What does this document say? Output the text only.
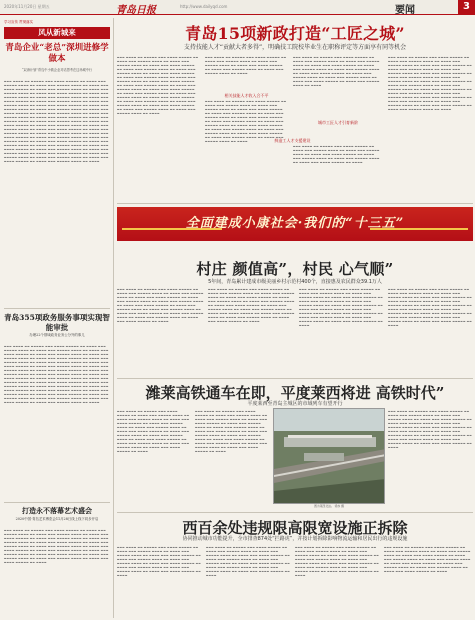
2020年11月20日 星期五	青岛日报	http://www.dailyqd.com	要闻	3
学习宣传 贯彻落实
风从新城来
青岛企业“老总”深圳进修学做本
“双涛计划”青岛中小微企业对话思考在这场城中行
▬▬▬ ▬▬▬▬ ▬▬ ▬▬▬▬▬ ▬▬▬ ▬▬▬▬ ▬▬▬▬▬ ▬▬ ▬▬▬▬ ▬▬▬ ▬▬▬▬▬ ▬▬▬▬ ▬▬ ▬▬▬▬ ▬▬▬ ▬▬▬▬▬ ▬▬▬▬ ▬▬ ▬▬▬▬ ▬▬▬ ▬▬▬▬ ▬▬▬▬▬ ▬▬ ▬▬▬▬ ▬▬▬ ▬▬▬▬▬ ▬▬▬▬ ▬▬ ▬▬▬▬ ▬▬▬ ▬▬▬▬▬ ▬▬▬▬ ▬▬ ▬▬▬▬ ▬▬▬ ▬▬▬▬ ▬▬▬▬▬ ▬▬ ▬▬▬▬ ▬▬▬ ▬▬▬▬▬ ▬▬▬▬ ▬▬ ▬▬▬▬ ▬▬▬ ▬▬▬▬▬ ▬▬▬▬ ▬▬ ▬▬▬▬ ▬▬▬ ▬▬▬▬ ▬▬▬▬▬ ▬▬ ▬▬▬▬ ▬▬▬ ▬▬▬▬▬ ▬▬▬▬ ▬▬ ▬▬▬▬ ▬▬▬ ▬▬▬▬▬ ▬▬▬▬ ▬▬ ▬▬▬▬ ▬▬▬ ▬▬▬▬ ▬▬▬▬▬ ▬▬ ▬▬▬▬ ▬▬▬ ▬▬▬▬▬ ▬▬▬▬ ▬▬ ▬▬▬▬ ▬▬▬ ▬▬▬▬▬ ▬▬▬▬ ▬▬ ▬▬▬▬ ▬▬▬ ▬▬▬▬ ▬▬▬▬▬ ▬▬ ▬▬▬▬ ▬▬▬ ▬▬▬▬▬ ▬▬▬▬ ▬▬ ▬▬▬▬ ▬▬▬ ▬▬▬▬▬ ▬▬▬▬ ▬▬ ▬▬▬▬ ▬▬▬ ▬▬▬▬ ▬▬▬▬▬ ▬▬ ▬▬▬▬ ▬▬▬ ▬▬▬▬▬ ▬▬▬▬ ▬▬ ▬▬▬▬ ▬▬▬ ▬▬▬▬▬ ▬▬▬▬ ▬▬ ▬▬▬▬ ▬▬▬ ▬▬▬▬ ▬▬▬▬▬ ▬▬ ▬▬▬▬ ▬▬▬ ▬▬▬▬▬ ▬▬▬▬ ▬▬ ▬▬▬▬ ▬▬▬ ▬▬▬▬▬ ▬▬▬▬ ▬▬ ▬▬▬▬ ▬▬▬ ▬▬▬▬ ▬▬▬▬▬ ▬▬ ▬▬▬▬ ▬▬▬ ▬▬▬▬▬ ▬▬▬▬ ▬▬ ▬▬▬▬ ▬▬▬ ▬▬▬▬▬ ▬▬▬▬ ▬▬ ▬▬▬▬ ▬▬▬ ▬▬▬▬ ▬▬▬▬▬ ▬▬ ▬▬▬▬ ▬▬▬ ▬▬▬▬▬ ▬▬▬▬ ▬▬ ▬▬▬▬ ▬▬▬ ▬▬▬▬▬ ▬▬▬▬ ▬▬ ▬▬▬▬ ▬▬▬ ▬▬▬▬ ▬▬▬▬▬ ▬▬ ▬▬▬▬ ▬▬▬ ▬▬▬▬▬ ▬▬▬▬ ▬▬ ▬▬▬▬ ▬▬▬ ▬▬▬▬▬ ▬▬▬▬ ▬▬ ▬▬▬▬ ▬▬▬ ▬▬▬▬ ▬▬▬▬▬ ▬▬ ▬▬▬▬ ▬▬▬ ▬▬▬▬▬ ▬▬▬▬ ▬▬ ▬▬▬▬ ▬▬▬ ▬▬▬▬▬ ▬▬▬▬ ▬▬ ▬▬▬▬ ▬▬▬ ▬▬▬▬ ▬▬▬▬▬ ▬▬ ▬▬▬▬ ▬▬▬ ▬▬▬▬▬ ▬▬▬▬ ▬▬ ▬▬▬▬ ▬▬▬ ▬▬▬▬▬ ▬▬▬▬ ▬▬ ▬▬▬▬ ▬▬▬ ▬▬▬▬ ▬▬▬▬▬ ▬▬ ▬▬▬▬ ▬▬▬ ▬▬▬▬▬ ▬▬▬▬ ▬▬ ▬▬▬▬
青岛355项政务服务事项实现智能审批
办理22个领域政务业务公分外的事儿
▬▬▬ ▬▬▬▬ ▬▬ ▬▬▬▬▬ ▬▬▬ ▬▬▬▬ ▬▬▬▬▬ ▬▬ ▬▬▬▬ ▬▬▬ ▬▬▬▬▬ ▬▬▬▬ ▬▬ ▬▬▬▬ ▬▬▬ ▬▬▬▬▬ ▬▬▬▬ ▬▬ ▬▬▬▬ ▬▬▬ ▬▬▬▬ ▬▬▬▬▬ ▬▬ ▬▬▬▬ ▬▬▬ ▬▬▬▬▬ ▬▬▬▬ ▬▬ ▬▬▬▬ ▬▬▬ ▬▬▬▬▬ ▬▬▬▬ ▬▬ ▬▬▬▬ ▬▬▬ ▬▬▬▬ ▬▬▬▬▬ ▬▬ ▬▬▬▬ ▬▬▬ ▬▬▬▬▬ ▬▬▬▬ ▬▬ ▬▬▬▬ ▬▬▬ ▬▬▬▬▬ ▬▬▬▬ ▬▬ ▬▬▬▬ ▬▬▬ ▬▬▬▬ ▬▬▬▬▬ ▬▬ ▬▬▬▬ ▬▬▬ ▬▬▬▬▬ ▬▬▬▬ ▬▬ ▬▬▬▬ ▬▬▬ ▬▬▬▬▬ ▬▬▬▬ ▬▬ ▬▬▬▬ ▬▬▬ ▬▬▬▬ ▬▬▬▬▬ ▬▬ ▬▬▬▬ ▬▬▬ ▬▬▬▬▬ ▬▬▬▬ ▬▬ ▬▬▬▬ ▬▬▬ ▬▬▬▬▬ ▬▬▬▬ ▬▬ ▬▬▬▬ ▬▬▬ ▬▬▬▬ ▬▬▬▬▬ ▬▬ ▬▬▬▬ ▬▬▬ ▬▬▬▬▬ ▬▬▬▬ ▬▬ ▬▬▬▬ ▬▬▬ ▬▬▬▬▬ ▬▬▬▬ ▬▬ ▬▬▬▬ ▬▬▬ ▬▬▬▬ ▬▬▬▬▬ ▬▬ ▬▬▬▬ ▬▬▬ ▬▬▬▬▬ ▬▬▬▬ ▬▬ ▬▬▬▬ ▬▬▬ ▬▬▬▬▬ ▬▬▬▬ ▬▬ ▬▬▬▬ ▬▬▬ ▬▬▬▬ ▬▬▬▬▬ ▬▬ ▬▬▬▬ ▬▬▬ ▬▬▬▬▬ ▬▬▬▬ ▬▬ ▬▬▬▬ ▬▬▬ ▬▬▬▬▬ ▬▬▬▬ ▬▬ ▬▬▬▬ ▬▬▬ ▬▬▬▬ ▬▬▬▬▬ ▬▬ ▬▬▬▬ ▬▬▬ ▬▬▬▬▬ ▬▬▬▬ ▬▬ ▬▬▬▬ ▬▬▬ ▬▬▬▬▬ ▬▬▬▬ ▬▬ ▬▬▬▬ ▬▬▬ ▬▬▬▬ ▬▬▬▬▬ ▬▬ ▬▬▬▬ ▬▬▬ ▬▬▬▬▬ ▬▬▬▬ ▬▬ ▬▬▬▬
打造永不落幕艺术盛会
2020中国·青岛艺术博览会11月28日线上线下同步开启
▬▬▬ ▬▬▬▬ ▬▬ ▬▬▬▬▬ ▬▬▬ ▬▬▬▬ ▬▬▬▬▬ ▬▬ ▬▬▬▬ ▬▬▬ ▬▬▬▬▬ ▬▬▬▬ ▬▬ ▬▬▬▬ ▬▬▬ ▬▬▬▬▬ ▬▬▬▬ ▬▬ ▬▬▬▬ ▬▬▬ ▬▬▬▬ ▬▬▬▬▬ ▬▬ ▬▬▬▬ ▬▬▬ ▬▬▬▬▬ ▬▬▬▬ ▬▬ ▬▬▬▬ ▬▬▬ ▬▬▬▬▬ ▬▬▬▬ ▬▬ ▬▬▬▬ ▬▬▬ ▬▬▬▬ ▬▬▬▬▬ ▬▬ ▬▬▬▬ ▬▬▬ ▬▬▬▬▬ ▬▬▬▬ ▬▬ ▬▬▬▬ ▬▬▬ ▬▬▬▬▬ ▬▬▬▬ ▬▬ ▬▬▬▬ ▬▬▬ ▬▬▬▬ ▬▬▬▬▬ ▬▬ ▬▬▬▬ ▬▬▬ ▬▬▬▬▬ ▬▬▬▬ ▬▬ ▬▬▬▬ ▬▬▬ ▬▬▬▬▬ ▬▬▬▬ ▬▬ ▬▬▬▬ ▬▬▬ ▬▬▬▬ ▬▬▬▬▬ ▬▬ ▬▬▬▬ ▬▬▬ ▬▬▬▬▬ ▬▬▬▬ ▬▬ ▬▬▬▬ ▬▬▬ ▬▬▬▬▬ ▬▬▬▬ ▬▬ ▬▬▬▬ ▬▬▬ ▬▬▬▬ ▬▬▬▬▬ ▬▬ ▬▬▬▬
青岛15项新政打造“工匠之城”
支持技能人才“贡献大者多得”，明确技工院校毕业生在职称评定等方面享有同等机会
▬▬▬ ▬▬▬▬ ▬▬ ▬▬▬▬▬ ▬▬▬ ▬▬▬▬ ▬▬▬▬▬ ▬▬ ▬▬▬▬ ▬▬▬ ▬▬▬▬▬ ▬▬▬▬ ▬▬ ▬▬▬▬ ▬▬▬ ▬▬▬▬▬ ▬▬▬▬ ▬▬ ▬▬▬▬ ▬▬▬ ▬▬▬▬ ▬▬▬▬▬ ▬▬ ▬▬▬▬ ▬▬▬ ▬▬▬▬▬ ▬▬▬▬ ▬▬ ▬▬▬▬ ▬▬▬ ▬▬▬▬▬ ▬▬▬▬ ▬▬ ▬▬▬▬ ▬▬▬ ▬▬▬▬ ▬▬▬▬▬ ▬▬ ▬▬▬▬ ▬▬▬ ▬▬▬▬▬ ▬▬▬▬ ▬▬ ▬▬▬▬ ▬▬▬ ▬▬▬▬▬ ▬▬▬▬ ▬▬ ▬▬▬▬ ▬▬▬ ▬▬▬▬ ▬▬▬▬▬ ▬▬ ▬▬▬▬ ▬▬▬ ▬▬▬▬▬ ▬▬▬▬ ▬▬ ▬▬▬▬ ▬▬▬ ▬▬▬▬▬ ▬▬▬▬ ▬▬ ▬▬▬▬ ▬▬▬ ▬▬▬▬ ▬▬▬▬▬ ▬▬ ▬▬▬▬ ▬▬▬ ▬▬▬▬▬ ▬▬▬▬ ▬▬ ▬▬▬▬ ▬▬▬ ▬▬▬▬▬ ▬▬▬▬ ▬▬ ▬▬▬▬ ▬▬▬ ▬▬▬▬ ▬▬▬▬▬ ▬▬ ▬▬▬▬ ▬▬▬ ▬▬▬▬▬ ▬▬▬▬ ▬▬ ▬▬▬▬ ▬▬▬ ▬▬▬▬▬ ▬▬▬▬ ▬▬ ▬▬▬▬ ▬▬▬ ▬▬▬▬ ▬▬▬▬▬ ▬▬ ▬▬▬▬ ▬▬▬ ▬▬▬▬▬ ▬▬▬▬ ▬▬ ▬▬▬▬ ▬▬▬ ▬▬▬▬▬ ▬▬▬▬ ▬▬ ▬▬▬▬
相关技能人才收入合不平
▬▬▬ ▬▬▬▬ ▬▬ ▬▬▬▬▬ ▬▬▬ ▬▬▬▬ ▬▬▬▬▬ ▬▬ ▬▬▬▬ ▬▬▬ ▬▬▬▬▬ ▬▬▬▬ ▬▬ ▬▬▬▬ ▬▬▬ ▬▬▬▬▬ ▬▬▬▬ ▬▬ ▬▬▬▬ ▬▬▬ ▬▬▬▬ ▬▬▬▬▬ ▬▬ ▬▬▬▬ ▬▬▬ ▬▬▬▬▬ ▬▬▬▬ ▬▬ ▬▬▬▬ ▬▬▬ ▬▬▬▬▬ ▬▬▬▬ ▬▬ ▬▬▬▬
▬▬▬ ▬▬▬▬ ▬▬ ▬▬▬▬▬ ▬▬▬ ▬▬▬▬ ▬▬▬▬▬ ▬▬ ▬▬▬▬ ▬▬▬ ▬▬▬▬▬ ▬▬▬▬ ▬▬ ▬▬▬▬ ▬▬▬ ▬▬▬▬▬ ▬▬▬▬ ▬▬ ▬▬▬▬ ▬▬▬ ▬▬▬▬ ▬▬▬▬▬ ▬▬ ▬▬▬▬ ▬▬▬ ▬▬▬▬▬ ▬▬▬▬ ▬▬ ▬▬▬▬ ▬▬▬ ▬▬▬▬▬ ▬▬▬▬ ▬▬ ▬▬▬▬ ▬▬▬ ▬▬▬▬ ▬▬▬▬▬ ▬▬ ▬▬▬▬ ▬▬▬ ▬▬▬▬▬ ▬▬▬▬ ▬▬ ▬▬▬▬ ▬▬▬ ▬▬▬▬▬ ▬▬▬▬ ▬▬ ▬▬▬▬ ▬▬▬ ▬▬▬▬ ▬▬▬▬▬ ▬▬ ▬▬▬▬ ▬▬▬ ▬▬▬▬▬ ▬▬▬▬ ▬▬ ▬▬▬▬ ▬▬▬ ▬▬▬▬▬ ▬▬▬▬ ▬▬ ▬▬▬▬ ▬▬▬ ▬▬▬▬ ▬▬▬▬▬ ▬▬ ▬▬▬▬ ▬▬▬ ▬▬▬▬▬ ▬▬▬▬ ▬▬ ▬▬▬▬ ▬▬▬ ▬▬▬▬▬ ▬▬▬▬ ▬▬ ▬▬▬▬
▬▬▬ ▬▬▬▬ ▬▬ ▬▬▬▬▬ ▬▬▬ ▬▬▬▬ ▬▬▬▬▬ ▬▬ ▬▬▬▬ ▬▬▬ ▬▬▬▬▬ ▬▬▬▬ ▬▬ ▬▬▬▬ ▬▬▬ ▬▬▬▬▬ ▬▬▬▬ ▬▬ ▬▬▬▬ ▬▬▬ ▬▬▬▬ ▬▬▬▬▬ ▬▬ ▬▬▬▬ ▬▬▬ ▬▬▬▬▬ ▬▬▬▬ ▬▬ ▬▬▬▬ ▬▬▬ ▬▬▬▬▬ ▬▬▬▬ ▬▬ ▬▬▬▬ ▬▬▬ ▬▬▬▬ ▬▬▬▬▬ ▬▬ ▬▬▬▬ ▬▬▬ ▬▬▬▬▬ ▬▬▬▬ ▬▬ ▬▬▬▬ ▬▬▬ ▬▬▬▬▬ ▬▬▬▬ ▬▬ ▬▬▬▬ ▬▬▬ ▬▬▬▬ ▬▬▬▬▬ ▬▬ ▬▬▬▬ ▬▬▬ ▬▬▬▬▬ ▬▬▬▬ ▬▬ ▬▬▬▬
鲜造工人才支援建设
▬▬▬ ▬▬▬▬ ▬▬ ▬▬▬▬▬ ▬▬▬ ▬▬▬▬ ▬▬▬▬▬ ▬▬ ▬▬▬▬ ▬▬▬ ▬▬▬▬▬ ▬▬▬▬ ▬▬ ▬▬▬▬ ▬▬▬ ▬▬▬▬▬ ▬▬▬▬ ▬▬ ▬▬▬▬ ▬▬▬ ▬▬▬▬ ▬▬▬▬▬ ▬▬ ▬▬▬▬ ▬▬▬ ▬▬▬▬▬ ▬▬▬▬ ▬▬ ▬▬▬▬ ▬▬▬ ▬▬▬▬▬ ▬▬▬▬ ▬▬ ▬▬▬▬ ▬▬▬ ▬▬▬▬ ▬▬▬▬▬ ▬▬ ▬▬▬▬
城市工匠人才引育新阶
▬▬▬ ▬▬▬▬ ▬▬ ▬▬▬▬▬ ▬▬▬ ▬▬▬▬ ▬▬▬▬▬ ▬▬ ▬▬▬▬ ▬▬▬ ▬▬▬▬▬ ▬▬▬▬ ▬▬ ▬▬▬▬ ▬▬▬ ▬▬▬▬▬ ▬▬▬▬ ▬▬ ▬▬▬▬ ▬▬▬ ▬▬▬▬ ▬▬▬▬▬ ▬▬ ▬▬▬▬ ▬▬▬ ▬▬▬▬▬ ▬▬▬▬ ▬▬ ▬▬▬▬ ▬▬▬ ▬▬▬▬▬ ▬▬▬▬ ▬▬ ▬▬▬▬ ▬▬▬ ▬▬▬▬ ▬▬▬▬▬ ▬▬ ▬▬▬▬ ▬▬▬ ▬▬▬▬▬ ▬▬▬▬ ▬▬ ▬▬▬▬ ▬▬▬ ▬▬▬▬▬ ▬▬▬▬ ▬▬ ▬▬▬▬ ▬▬▬ ▬▬▬▬ ▬▬▬▬▬ ▬▬ ▬▬▬▬ ▬▬▬ ▬▬▬▬▬ ▬▬▬▬ ▬▬ ▬▬▬▬ ▬▬▬ ▬▬▬▬▬ ▬▬▬▬ ▬▬ ▬▬▬▬ ▬▬▬ ▬▬▬▬ ▬▬▬▬▬ ▬▬ ▬▬▬▬ ▬▬▬ ▬▬▬▬▬ ▬▬▬▬ ▬▬ ▬▬▬▬ ▬▬▬ ▬▬▬▬▬ ▬▬▬▬ ▬▬ ▬▬▬▬ ▬▬▬ ▬▬▬▬ ▬▬▬▬▬ ▬▬ ▬▬▬▬ ▬▬▬ ▬▬▬▬▬ ▬▬▬▬ ▬▬ ▬▬▬▬ ▬▬▬ ▬▬▬▬▬ ▬▬▬▬ ▬▬ ▬▬▬▬ ▬▬▬ ▬▬▬▬ ▬▬▬▬▬ ▬▬ ▬▬▬▬ ▬▬▬ ▬▬▬▬▬ ▬▬▬▬ ▬▬ ▬▬▬▬
全面建成小康社会·我们的“十三五”
村庄 颜值高”，村民 心气顺”
5年间，青岛累计建成市级美丽乡村示范村400个，直接惠及农民群众39.1万人
▬▬▬ ▬▬▬▬ ▬▬ ▬▬▬▬▬ ▬▬▬ ▬▬▬▬ ▬▬▬▬▬ ▬▬ ▬▬▬▬ ▬▬▬ ▬▬▬▬▬ ▬▬▬▬ ▬▬ ▬▬▬▬ ▬▬▬ ▬▬▬▬▬ ▬▬▬▬ ▬▬ ▬▬▬▬ ▬▬▬ ▬▬▬▬ ▬▬▬▬▬ ▬▬ ▬▬▬▬ ▬▬▬ ▬▬▬▬▬ ▬▬▬▬ ▬▬ ▬▬▬▬ ▬▬▬ ▬▬▬▬▬ ▬▬▬▬ ▬▬ ▬▬▬▬ ▬▬▬ ▬▬▬▬ ▬▬▬▬▬ ▬▬ ▬▬▬▬ ▬▬▬ ▬▬▬▬▬ ▬▬▬▬ ▬▬ ▬▬▬▬ ▬▬▬ ▬▬▬▬▬ ▬▬▬▬ ▬▬ ▬▬▬▬ ▬▬▬ ▬▬▬▬ ▬▬▬▬▬ ▬▬ ▬▬▬▬ ▬▬▬ ▬▬▬▬▬ ▬▬▬▬ ▬▬ ▬▬▬▬ ▬▬▬ ▬▬▬▬▬ ▬▬▬▬ ▬▬ ▬▬▬▬ ▬▬▬ ▬▬▬▬ ▬▬▬▬▬ ▬▬ ▬▬▬▬
▬▬▬ ▬▬▬▬ ▬▬ ▬▬▬▬▬ ▬▬▬ ▬▬▬▬ ▬▬▬▬▬ ▬▬ ▬▬▬▬ ▬▬▬ ▬▬▬▬▬ ▬▬▬▬ ▬▬ ▬▬▬▬ ▬▬▬ ▬▬▬▬▬ ▬▬▬▬ ▬▬ ▬▬▬▬ ▬▬▬ ▬▬▬▬ ▬▬▬▬▬ ▬▬ ▬▬▬▬ ▬▬▬ ▬▬▬▬▬ ▬▬▬▬ ▬▬ ▬▬▬▬ ▬▬▬ ▬▬▬▬▬ ▬▬▬▬ ▬▬ ▬▬▬▬ ▬▬▬ ▬▬▬▬ ▬▬▬▬▬ ▬▬ ▬▬▬▬ ▬▬▬ ▬▬▬▬▬ ▬▬▬▬ ▬▬ ▬▬▬▬ ▬▬▬ ▬▬▬▬▬ ▬▬▬▬ ▬▬ ▬▬▬▬ ▬▬▬ ▬▬▬▬ ▬▬▬▬▬ ▬▬ ▬▬▬▬ ▬▬▬ ▬▬▬▬▬ ▬▬▬▬ ▬▬ ▬▬▬▬ ▬▬▬ ▬▬▬▬▬ ▬▬▬▬ ▬▬ ▬▬▬▬ ▬▬▬ ▬▬▬▬ ▬▬▬▬▬ ▬▬ ▬▬▬▬
▬▬▬ ▬▬▬▬ ▬▬ ▬▬▬▬▬ ▬▬▬ ▬▬▬▬ ▬▬▬▬▬ ▬▬ ▬▬▬▬ ▬▬▬ ▬▬▬▬▬ ▬▬▬▬ ▬▬ ▬▬▬▬ ▬▬▬ ▬▬▬▬▬ ▬▬▬▬ ▬▬ ▬▬▬▬ ▬▬▬ ▬▬▬▬ ▬▬▬▬▬ ▬▬ ▬▬▬▬ ▬▬▬ ▬▬▬▬▬ ▬▬▬▬ ▬▬ ▬▬▬▬ ▬▬▬ ▬▬▬▬▬ ▬▬▬▬ ▬▬ ▬▬▬▬ ▬▬▬ ▬▬▬▬ ▬▬▬▬▬ ▬▬ ▬▬▬▬ ▬▬▬ ▬▬▬▬▬ ▬▬▬▬ ▬▬ ▬▬▬▬ ▬▬▬ ▬▬▬▬▬ ▬▬▬▬ ▬▬ ▬▬▬▬ ▬▬▬ ▬▬▬▬ ▬▬▬▬▬ ▬▬ ▬▬▬▬ ▬▬▬ ▬▬▬▬▬ ▬▬▬▬ ▬▬ ▬▬▬▬ ▬▬▬ ▬▬▬▬▬ ▬▬▬▬ ▬▬ ▬▬▬▬ ▬▬▬ ▬▬▬▬ ▬▬▬▬▬ ▬▬ ▬▬▬▬
▬▬▬ ▬▬▬▬ ▬▬ ▬▬▬▬▬ ▬▬▬ ▬▬▬▬ ▬▬▬▬▬ ▬▬ ▬▬▬▬ ▬▬▬ ▬▬▬▬▬ ▬▬▬▬ ▬▬ ▬▬▬▬ ▬▬▬ ▬▬▬▬▬ ▬▬▬▬ ▬▬ ▬▬▬▬ ▬▬▬ ▬▬▬▬ ▬▬▬▬▬ ▬▬ ▬▬▬▬ ▬▬▬ ▬▬▬▬▬ ▬▬▬▬ ▬▬ ▬▬▬▬ ▬▬▬ ▬▬▬▬▬ ▬▬▬▬ ▬▬ ▬▬▬▬ ▬▬▬ ▬▬▬▬ ▬▬▬▬▬ ▬▬ ▬▬▬▬ ▬▬▬ ▬▬▬▬▬ ▬▬▬▬ ▬▬ ▬▬▬▬ ▬▬▬ ▬▬▬▬▬ ▬▬▬▬ ▬▬ ▬▬▬▬ ▬▬▬ ▬▬▬▬ ▬▬▬▬▬ ▬▬ ▬▬▬▬ ▬▬▬ ▬▬▬▬▬ ▬▬▬▬ ▬▬ ▬▬▬▬ ▬▬▬ ▬▬▬▬▬ ▬▬▬▬ ▬▬ ▬▬▬▬ ▬▬▬ ▬▬▬▬ ▬▬▬▬▬ ▬▬ ▬▬▬▬
潍莱高铁通车在即，平度莱西将进 高铁时代”
平度莱西至青岛主城区的市域列车有望开行
▬▬▬ ▬▬▬▬ ▬▬ ▬▬▬▬▬ ▬▬▬ ▬▬▬▬ ▬▬▬▬▬ ▬▬ ▬▬▬▬ ▬▬▬ ▬▬▬▬▬ ▬▬▬▬ ▬▬ ▬▬▬▬ ▬▬▬ ▬▬▬▬▬ ▬▬▬▬ ▬▬ ▬▬▬▬ ▬▬▬ ▬▬▬▬ ▬▬▬▬▬ ▬▬ ▬▬▬▬ ▬▬▬ ▬▬▬▬▬ ▬▬▬▬ ▬▬ ▬▬▬▬ ▬▬▬ ▬▬▬▬▬ ▬▬▬▬ ▬▬ ▬▬▬▬ ▬▬▬ ▬▬▬▬ ▬▬▬▬▬ ▬▬ ▬▬▬▬ ▬▬▬ ▬▬▬▬▬ ▬▬▬▬ ▬▬ ▬▬▬▬ ▬▬▬ ▬▬▬▬▬ ▬▬▬▬ ▬▬ ▬▬▬▬ ▬▬▬ ▬▬▬▬ ▬▬▬▬▬ ▬▬ ▬▬▬▬ ▬▬▬ ▬▬▬▬▬ ▬▬▬▬ ▬▬ ▬▬▬▬ ▬▬▬ ▬▬▬▬▬ ▬▬▬▬ ▬▬ ▬▬▬▬ ▬▬▬ ▬▬▬▬ ▬▬▬▬▬ ▬▬ ▬▬▬▬
▬▬▬ ▬▬▬▬ ▬▬ ▬▬▬▬▬ ▬▬▬ ▬▬▬▬ ▬▬▬▬▬ ▬▬ ▬▬▬▬ ▬▬▬ ▬▬▬▬▬ ▬▬▬▬ ▬▬ ▬▬▬▬ ▬▬▬ ▬▬▬▬▬ ▬▬▬▬ ▬▬ ▬▬▬▬ ▬▬▬ ▬▬▬▬ ▬▬▬▬▬ ▬▬ ▬▬▬▬ ▬▬▬ ▬▬▬▬▬ ▬▬▬▬ ▬▬ ▬▬▬▬ ▬▬▬ ▬▬▬▬▬ ▬▬▬▬ ▬▬ ▬▬▬▬ ▬▬▬ ▬▬▬▬ ▬▬▬▬▬ ▬▬ ▬▬▬▬ ▬▬▬ ▬▬▬▬▬ ▬▬▬▬ ▬▬ ▬▬▬▬ ▬▬▬ ▬▬▬▬▬ ▬▬▬▬ ▬▬ ▬▬▬▬ ▬▬▬ ▬▬▬▬ ▬▬▬▬▬ ▬▬ ▬▬▬▬ ▬▬▬ ▬▬▬▬▬ ▬▬▬▬ ▬▬ ▬▬▬▬ ▬▬▬ ▬▬▬▬▬ ▬▬▬▬ ▬▬ ▬▬▬▬ ▬▬▬ ▬▬▬▬ ▬▬▬▬▬ ▬▬ ▬▬▬▬
图为莱西北站。 梁赤 摄
▬▬▬ ▬▬▬▬ ▬▬ ▬▬▬▬▬ ▬▬▬ ▬▬▬▬ ▬▬▬▬▬ ▬▬ ▬▬▬▬ ▬▬▬ ▬▬▬▬▬ ▬▬▬▬ ▬▬ ▬▬▬▬ ▬▬▬ ▬▬▬▬▬ ▬▬▬▬ ▬▬ ▬▬▬▬ ▬▬▬ ▬▬▬▬ ▬▬▬▬▬ ▬▬ ▬▬▬▬ ▬▬▬ ▬▬▬▬▬ ▬▬▬▬ ▬▬ ▬▬▬▬ ▬▬▬ ▬▬▬▬▬ ▬▬▬▬ ▬▬ ▬▬▬▬ ▬▬▬ ▬▬▬▬ ▬▬▬▬▬ ▬▬ ▬▬▬▬ ▬▬▬ ▬▬▬▬▬ ▬▬▬▬ ▬▬ ▬▬▬▬ ▬▬▬ ▬▬▬▬▬ ▬▬▬▬ ▬▬ ▬▬▬▬ ▬▬▬ ▬▬▬▬ ▬▬▬▬▬ ▬▬ ▬▬▬▬ ▬▬▬ ▬▬▬▬▬ ▬▬▬▬ ▬▬ ▬▬▬▬ ▬▬▬ ▬▬▬▬▬ ▬▬▬▬ ▬▬ ▬▬▬▬ ▬▬▬ ▬▬▬▬ ▬▬▬▬▬ ▬▬ ▬▬▬▬
西百余处违规限高限宽设施正拆除
协同推动城市功能提升，全市排查874处“拦路虎”，并按计划拆除影响物流运输和居民出行的违规设施
▬▬▬ ▬▬▬▬ ▬▬ ▬▬▬▬▬ ▬▬▬ ▬▬▬▬ ▬▬▬▬▬ ▬▬ ▬▬▬▬ ▬▬▬ ▬▬▬▬▬ ▬▬▬▬ ▬▬ ▬▬▬▬ ▬▬▬ ▬▬▬▬▬ ▬▬▬▬ ▬▬ ▬▬▬▬ ▬▬▬ ▬▬▬▬ ▬▬▬▬▬ ▬▬ ▬▬▬▬ ▬▬▬ ▬▬▬▬▬ ▬▬▬▬ ▬▬ ▬▬▬▬ ▬▬▬ ▬▬▬▬▬ ▬▬▬▬ ▬▬ ▬▬▬▬ ▬▬▬ ▬▬▬▬ ▬▬▬▬▬ ▬▬ ▬▬▬▬ ▬▬▬ ▬▬▬▬▬ ▬▬▬▬ ▬▬ ▬▬▬▬ ▬▬▬ ▬▬▬▬▬ ▬▬▬▬ ▬▬ ▬▬▬▬ ▬▬▬ ▬▬▬▬ ▬▬▬▬▬ ▬▬ ▬▬▬▬
▬▬▬ ▬▬▬▬ ▬▬ ▬▬▬▬▬ ▬▬▬ ▬▬▬▬ ▬▬▬▬▬ ▬▬ ▬▬▬▬ ▬▬▬ ▬▬▬▬▬ ▬▬▬▬ ▬▬ ▬▬▬▬ ▬▬▬ ▬▬▬▬▬ ▬▬▬▬ ▬▬ ▬▬▬▬ ▬▬▬ ▬▬▬▬ ▬▬▬▬▬ ▬▬ ▬▬▬▬ ▬▬▬ ▬▬▬▬▬ ▬▬▬▬ ▬▬ ▬▬▬▬ ▬▬▬ ▬▬▬▬▬ ▬▬▬▬ ▬▬ ▬▬▬▬ ▬▬▬ ▬▬▬▬ ▬▬▬▬▬ ▬▬ ▬▬▬▬ ▬▬▬ ▬▬▬▬▬ ▬▬▬▬ ▬▬ ▬▬▬▬ ▬▬▬ ▬▬▬▬▬ ▬▬▬▬ ▬▬ ▬▬▬▬ ▬▬▬ ▬▬▬▬ ▬▬▬▬▬ ▬▬ ▬▬▬▬
▬▬▬ ▬▬▬▬ ▬▬ ▬▬▬▬▬ ▬▬▬ ▬▬▬▬ ▬▬▬▬▬ ▬▬ ▬▬▬▬ ▬▬▬ ▬▬▬▬▬ ▬▬▬▬ ▬▬ ▬▬▬▬ ▬▬▬ ▬▬▬▬▬ ▬▬▬▬ ▬▬ ▬▬▬▬ ▬▬▬ ▬▬▬▬ ▬▬▬▬▬ ▬▬ ▬▬▬▬ ▬▬▬ ▬▬▬▬▬ ▬▬▬▬ ▬▬ ▬▬▬▬ ▬▬▬ ▬▬▬▬▬ ▬▬▬▬ ▬▬ ▬▬▬▬ ▬▬▬ ▬▬▬▬ ▬▬▬▬▬ ▬▬ ▬▬▬▬ ▬▬▬ ▬▬▬▬▬ ▬▬▬▬ ▬▬ ▬▬▬▬ ▬▬▬ ▬▬▬▬▬ ▬▬▬▬ ▬▬ ▬▬▬▬ ▬▬▬ ▬▬▬▬ ▬▬▬▬▬ ▬▬ ▬▬▬▬
▬▬▬ ▬▬▬▬ ▬▬ ▬▬▬▬▬ ▬▬▬ ▬▬▬▬ ▬▬▬▬▬ ▬▬ ▬▬▬▬ ▬▬▬ ▬▬▬▬▬ ▬▬▬▬ ▬▬ ▬▬▬▬ ▬▬▬ ▬▬▬▬▬ ▬▬▬▬ ▬▬ ▬▬▬▬ ▬▬▬ ▬▬▬▬ ▬▬▬▬▬ ▬▬ ▬▬▬▬ ▬▬▬ ▬▬▬▬▬ ▬▬▬▬ ▬▬ ▬▬▬▬ ▬▬▬ ▬▬▬▬▬ ▬▬▬▬ ▬▬ ▬▬▬▬ ▬▬▬ ▬▬▬▬ ▬▬▬▬▬ ▬▬ ▬▬▬▬ ▬▬▬ ▬▬▬▬▬ ▬▬▬▬ ▬▬ ▬▬▬▬ ▬▬▬ ▬▬▬▬▬ ▬▬▬▬ ▬▬ ▬▬▬▬ ▬▬▬ ▬▬▬▬ ▬▬▬▬▬ ▬▬ ▬▬▬▬
